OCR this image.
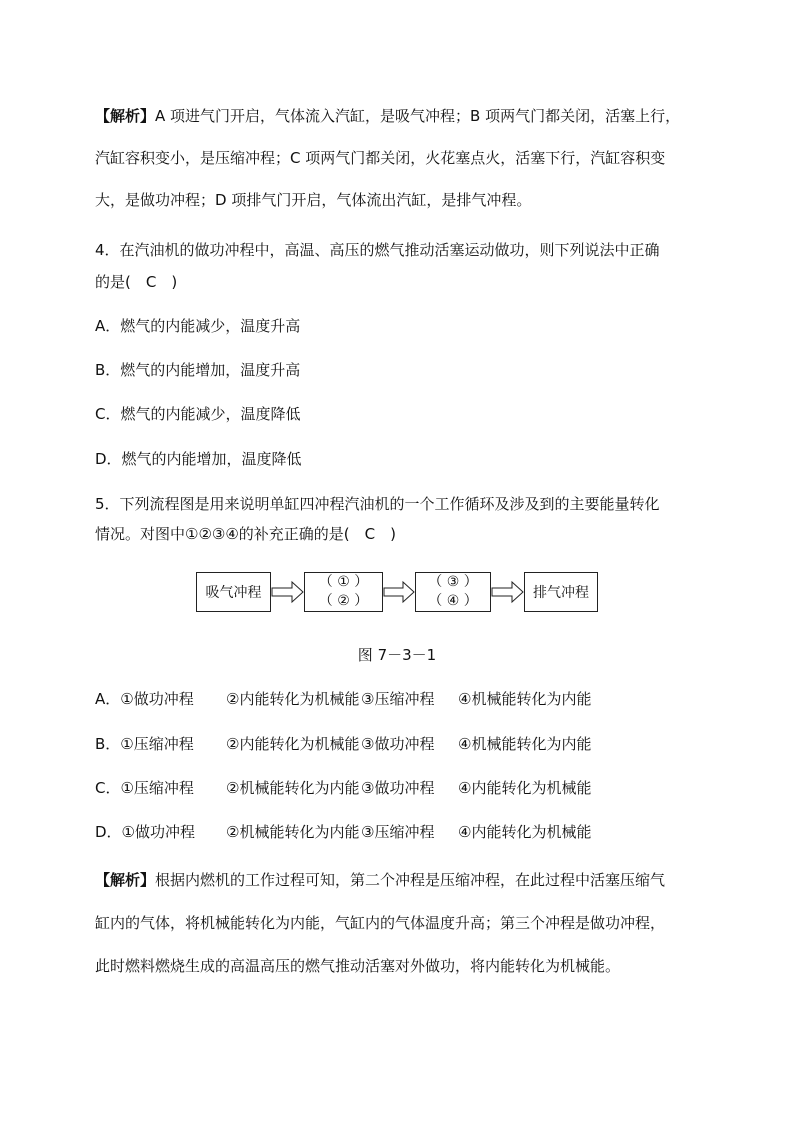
【解析】A 项进气门开启，气体流入汽缸，是吸气冲程；B 项两气门都关闭，活塞上行，
汽缸容积变小，是压缩冲程；C 项两气门都关闭，火花塞点火，活塞下行，汽缸容积变
大，是做功冲程；D 项排气门开启，气体流出汽缸，是排气冲程。
4．在汽油机的做功冲程中，高温、高压的燃气推动活塞运动做功，则下列说法中正确
的是(　C　)
A．燃气的内能减少，温度升高
B．燃气的内能增加，温度升高
C．燃气的内能减少，温度降低
D．燃气的内能增加，温度降低
5．下列流程图是用来说明单缸四冲程汽油机的一个工作循环及涉及到的主要能量转化
情况。对图中①②③④的补充正确的是(　C　)
吸气冲程
（ ① ）
（ ② ）
（ ③ ）
（ ④ ）	排气冲程
图 7－3－1
A．①做功冲程 ②内能转化为机械能 ③压缩冲程 ④机械能转化为内能
B．①压缩冲程 ②内能转化为机械能 ③做功冲程 ④机械能转化为内能
C．①压缩冲程 ②机械能转化为内能 ③做功冲程 ④内能转化为机械能
D．①做功冲程 ②机械能转化为内能 ③压缩冲程 ④内能转化为机械能
【解析】根据内燃机的工作过程可知，第二个冲程是压缩冲程，在此过程中活塞压缩气
缸内的气体，将机械能转化为内能，气缸内的气体温度升高；第三个冲程是做功冲程，
此时燃料燃烧生成的高温高压的燃气推动活塞对外做功，将内能转化为机械能。
